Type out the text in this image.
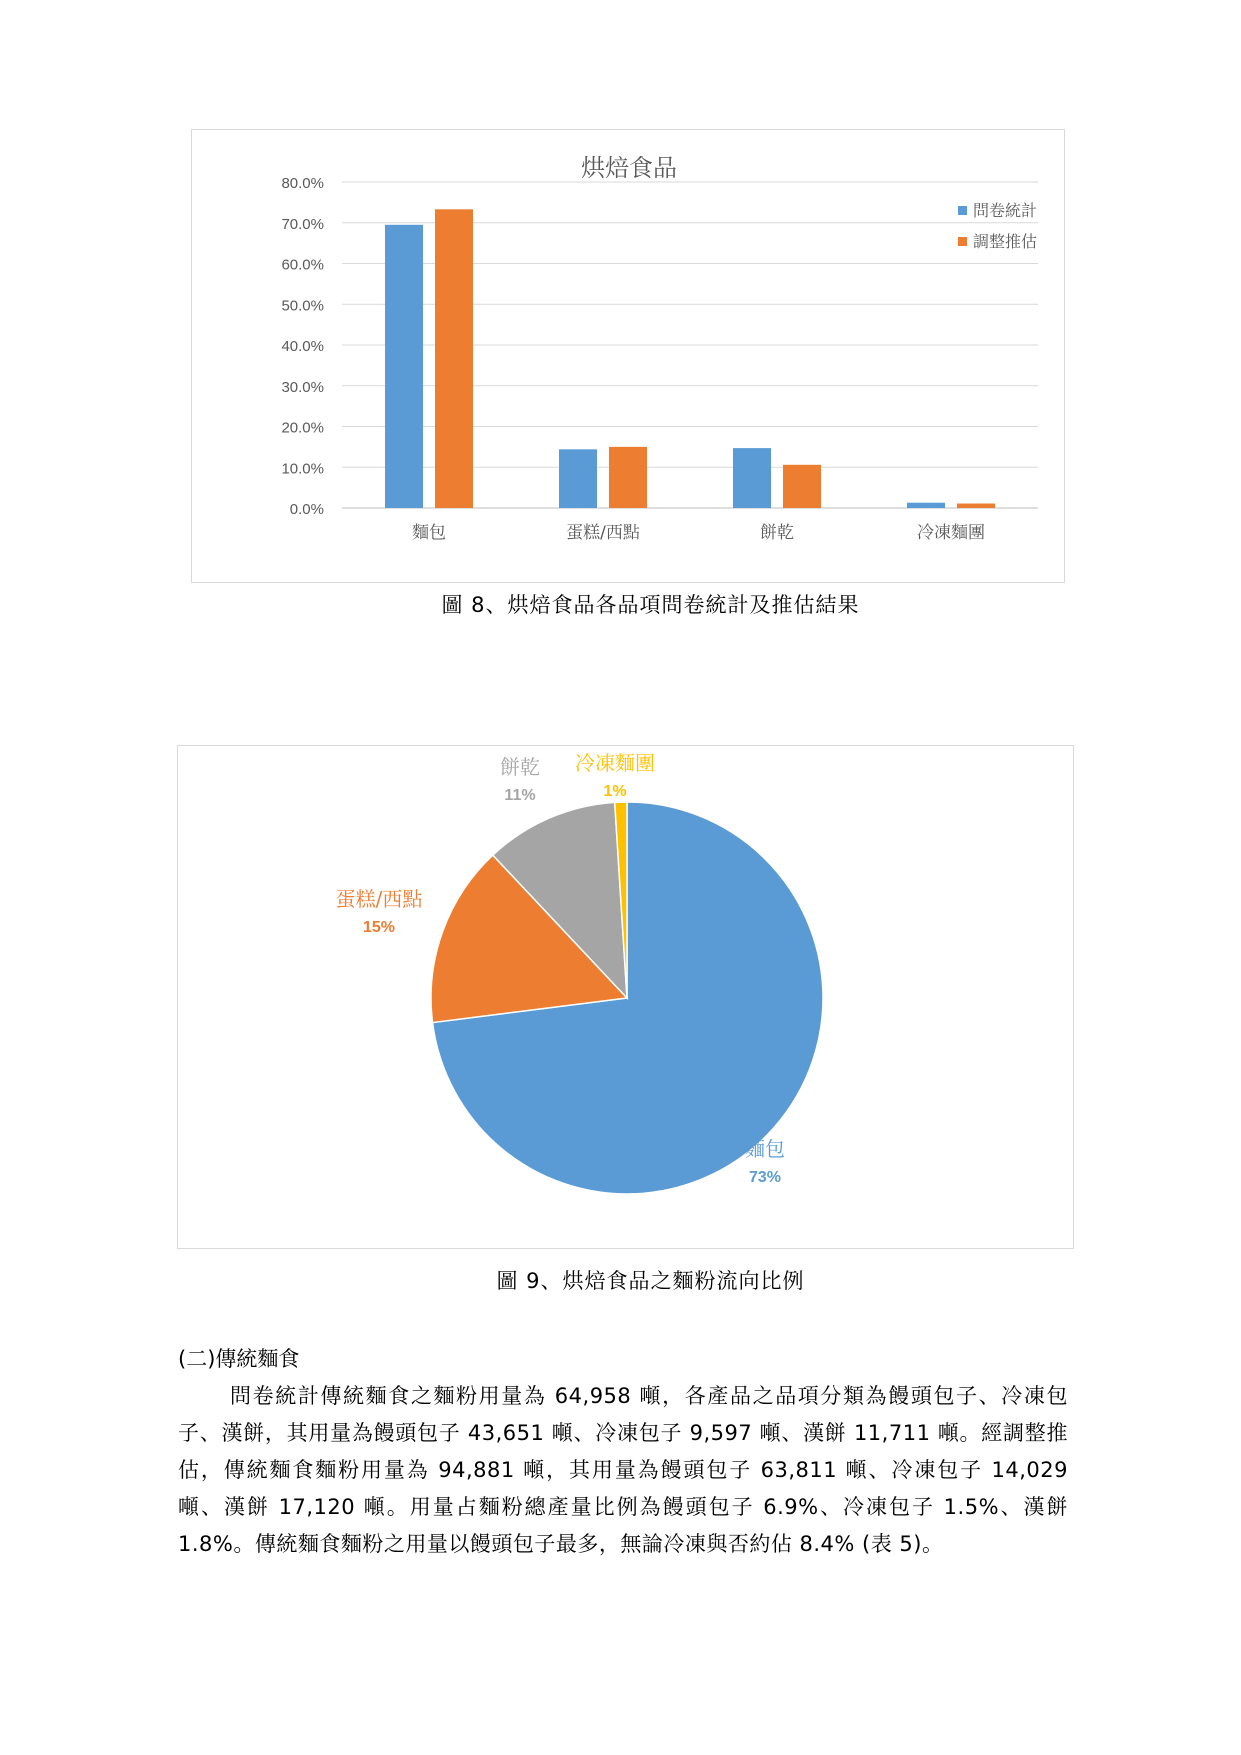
烘焙食品
0.0%
10.0%
20.0%
30.0%
40.0%
50.0%
60.0%
70.0%
80.0%
麵包	蛋糕/西點	餅乾	冷凍麵團
問卷統計
調整推估
圖 8、烘焙食品各品項問卷統計及推估結果
麵包
73%
蛋糕/西點
15%
餅乾
11%
冷凍麵團
1%
圖 9、烘焙食品之麵粉流向比例
(二)傳統麵食
問卷統計傳統麵食之麵粉用量為 64,958 噸，各產品之品項分類為饅頭包子、冷凍包子、漢餅，其用量為饅頭包子 43,651 噸、冷凍包子 9,597 噸、漢餅 11,711 噸。經調整推估，傳統麵食麵粉用量為 94,881 噸，其用量為饅頭包子 63,811 噸、冷凍包子 14,029 噸、漢餅 17,120 噸。用量占麵粉總產量比例為饅頭包子 6.9%、冷凍包子 1.5%、漢餅 1.8%。傳統麵食麵粉之用量以饅頭包子最多，無論冷凍與否約佔 8.4% (表 5)。
